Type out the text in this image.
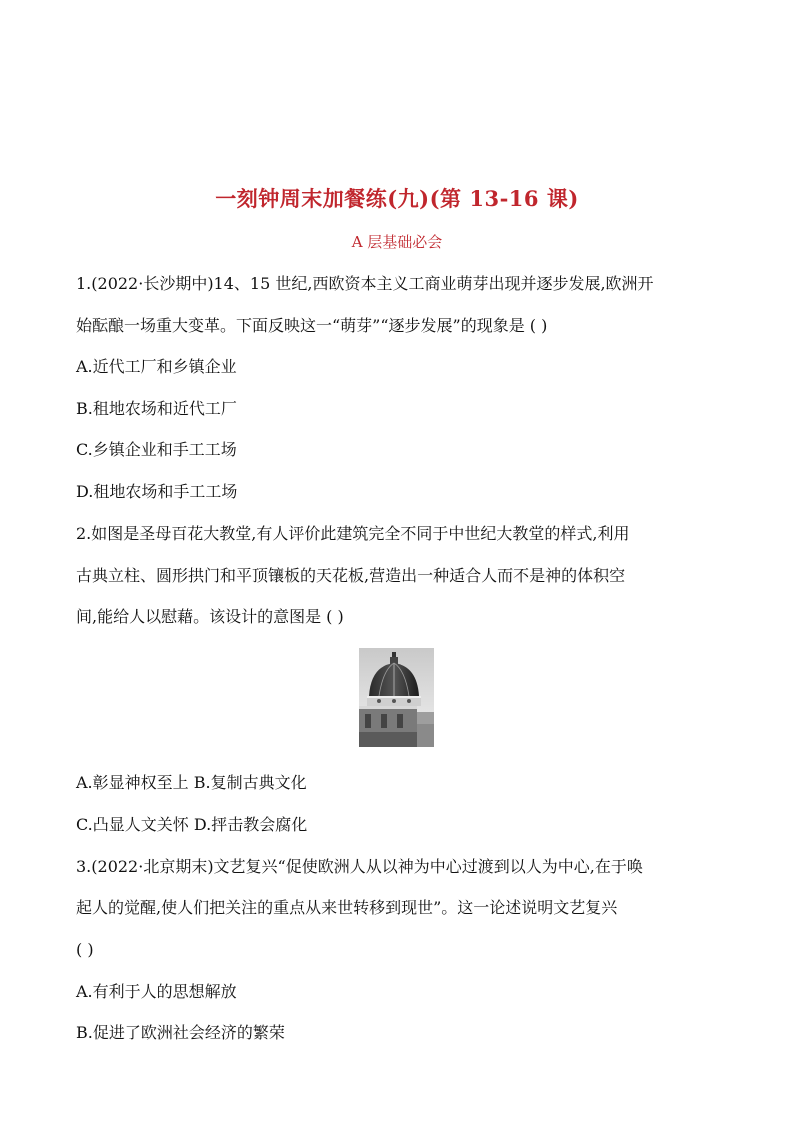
一刻钟周末加餐练(九)(第 13-16 课)
A 层基础必会
1.(2022·长沙期中)14、15 世纪,西欧资本主义工商业萌芽出现并逐步发展,欧洲开
始酝酿一场重大变革。下面反映这一“萌芽”“逐步发展”的现象是 ( )
A.近代工厂和乡镇企业
B.租地农场和近代工厂
C.乡镇企业和手工工场
D.租地农场和手工工场
2.如图是圣母百花大教堂,有人评价此建筑完全不同于中世纪大教堂的样式,利用
古典立柱、圆形拱门和平顶镶板的天花板,营造出一种适合人而不是神的体积空
间,能给人以慰藉。该设计的意图是 ( )
A.彰显神权至上 B.复制古典文化
C.凸显人文关怀 D.抨击教会腐化
3.(2022·北京期末)文艺复兴“促使欧洲人从以神为中心过渡到以人为中心,在于唤
起人的觉醒,使人们把关注的重点从来世转移到现世”。这一论述说明文艺复兴
( )
A.有利于人的思想解放
B.促进了欧洲社会经济的繁荣
